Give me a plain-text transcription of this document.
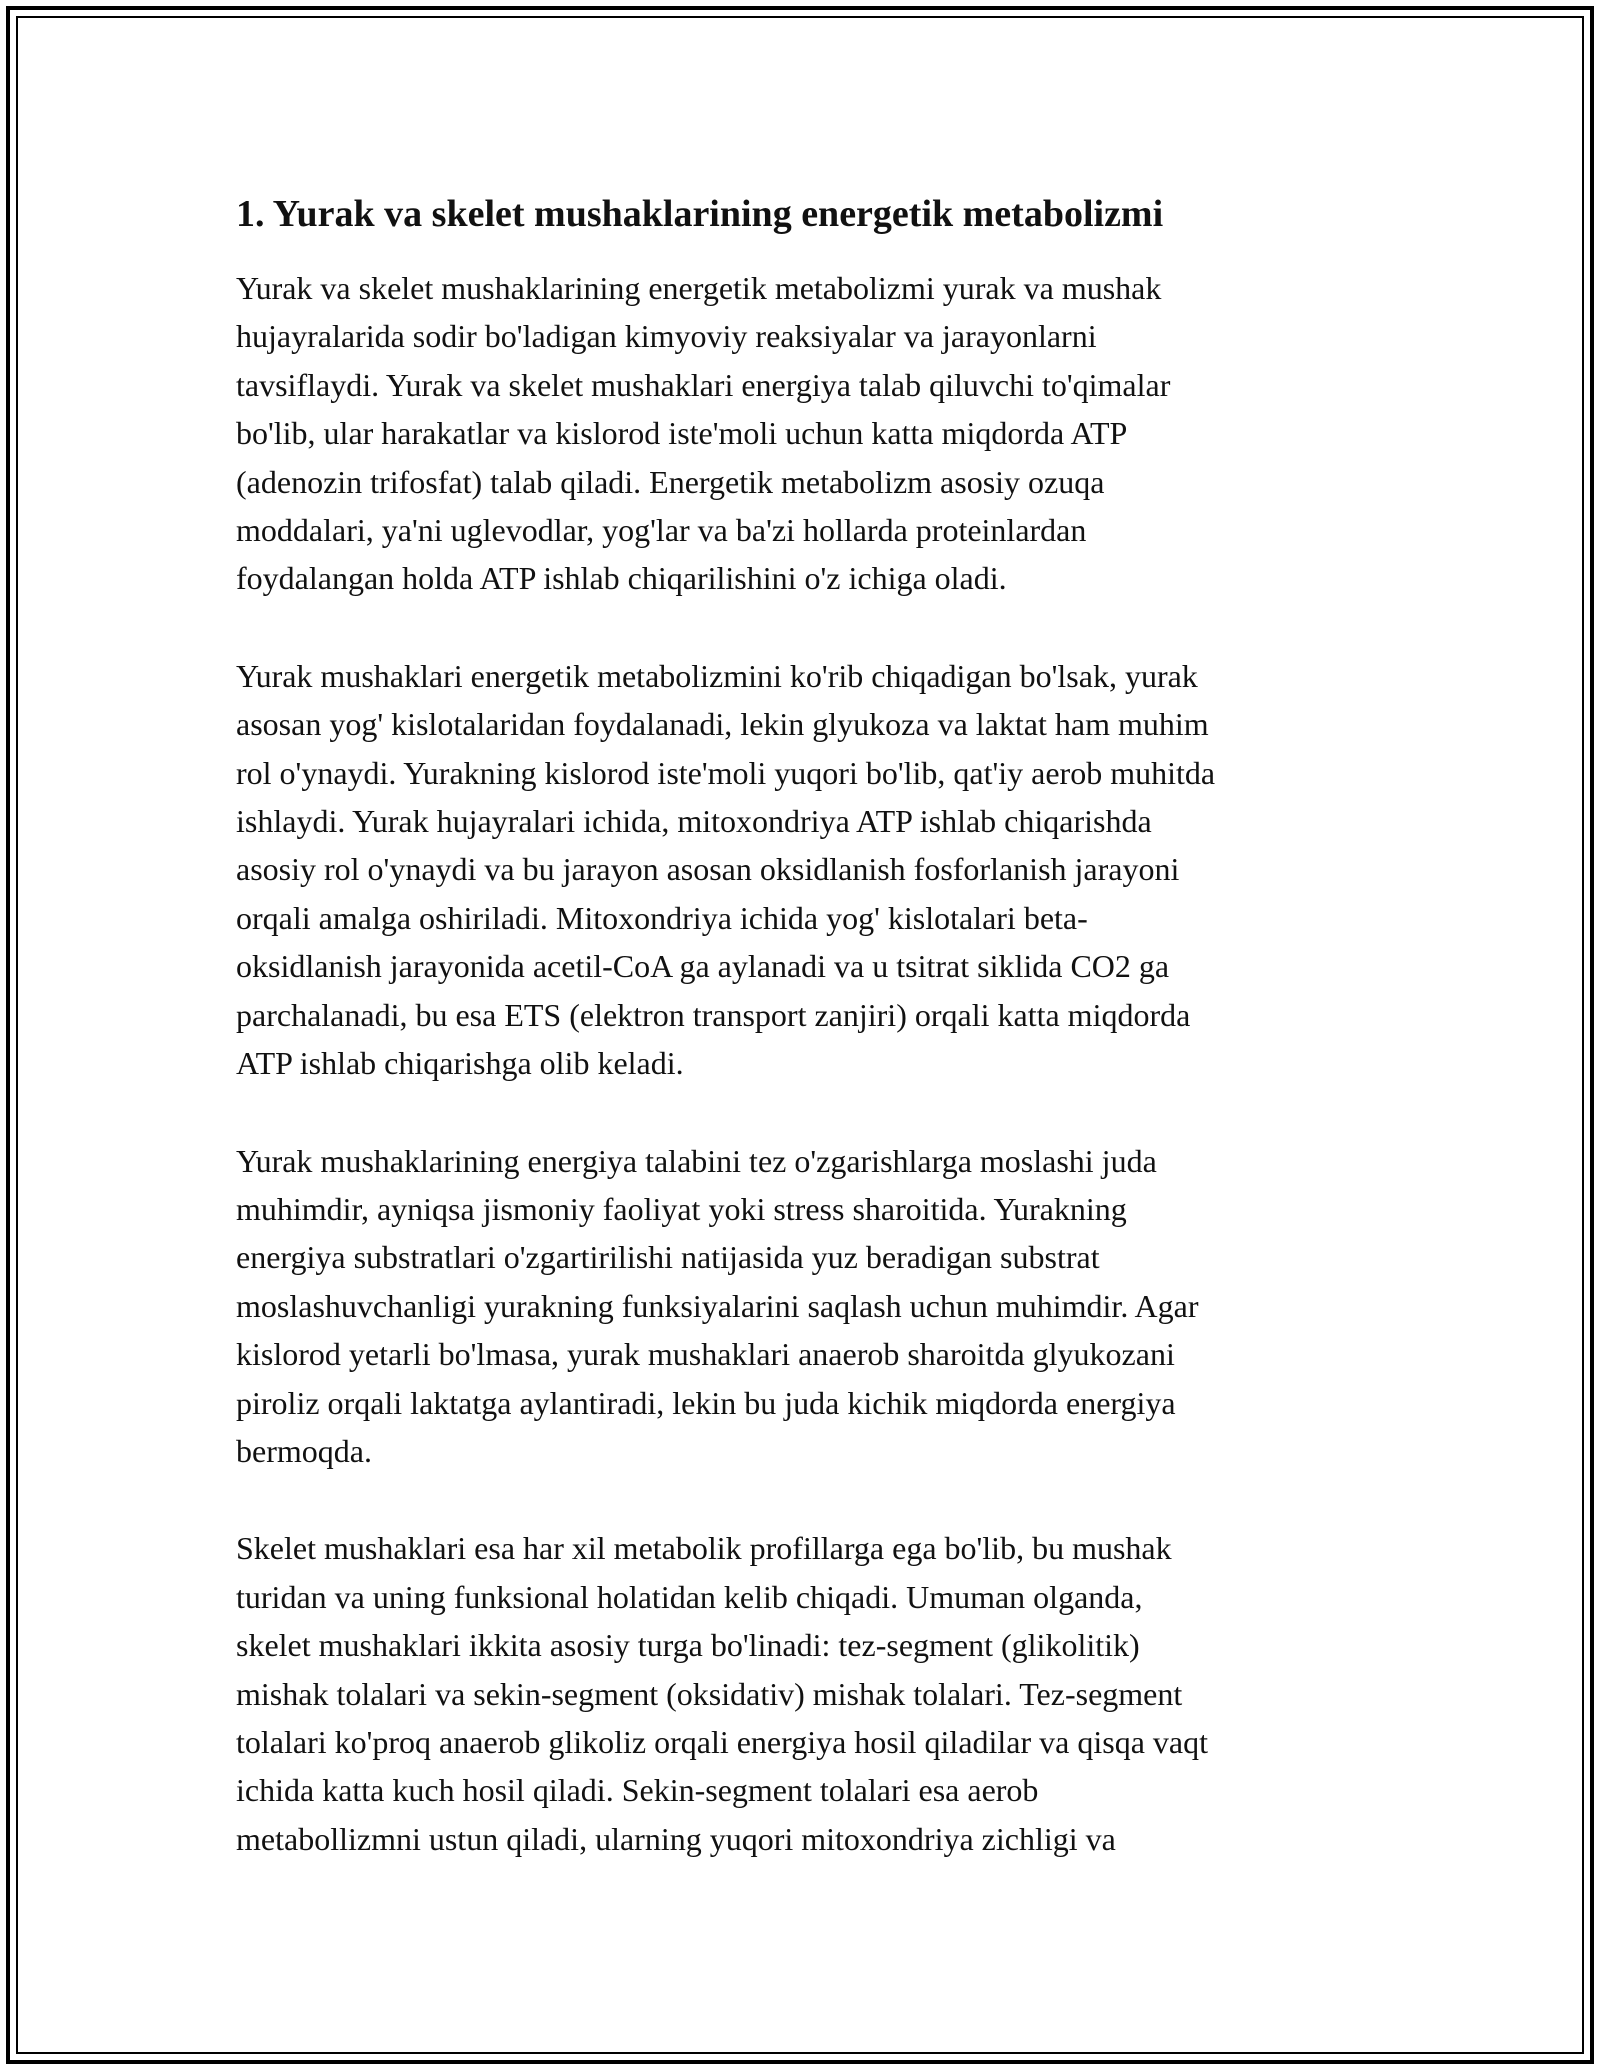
1. Yurak va skelet mushaklarining energetik metabolizmi

Yurak va skelet mushaklarining energetik metabolizmi yurak va mushak
hujayralarida sodir bo'ladigan kimyoviy reaksiyalar va jarayonlarni
tavsiflaydi. Yurak va skelet mushaklari energiya talab qiluvchi to'qimalar
bo'lib, ular harakatlar va kislorod iste'moli uchun katta miqdorda ATP
(adenozin trifosfat) talab qiladi. Energetik metabolizm asosiy ozuqa
moddalari, ya'ni uglevodlar, yog'lar va ba'zi hollarda proteinlardan
foydalangan holda ATP ishlab chiqarilishini o'z ichiga oladi.

Yurak mushaklari energetik metabolizmini ko'rib chiqadigan bo'lsak, yurak
asosan yog' kislotalaridan foydalanadi, lekin glyukoza va laktat ham muhim
rol o'ynaydi. Yurakning kislorod iste'moli yuqori bo'lib, qat'iy aerob muhitda
ishlaydi. Yurak hujayralari ichida, mitoxondriya ATP ishlab chiqarishda
asosiy rol o'ynaydi va bu jarayon asosan oksidlanish fosforlanish jarayoni
orqali amalga oshiriladi. Mitoxondriya ichida yog' kislotalari beta-
oksidlanish jarayonida acetil-CoA ga aylanadi va u tsitrat siklida CO2 ga
parchalanadi, bu esa ETS (elektron transport zanjiri) orqali katta miqdorda
ATP ishlab chiqarishga olib keladi.

Yurak mushaklarining energiya talabini tez o'zgarishlarga moslashi juda
muhimdir, ayniqsa jismoniy faoliyat yoki stress sharoitida. Yurakning
energiya substratlari o'zgartirilishi natijasida yuz beradigan substrat
moslashuvchanligi yurakning funksiyalarini saqlash uchun muhimdir. Agar
kislorod yetarli bo'lmasa, yurak mushaklari anaerob sharoitda glyukozani
piroliz orqali laktatga aylantiradi, lekin bu juda kichik miqdorda energiya
bermoqda.

Skelet mushaklari esa har xil metabolik profillarga ega bo'lib, bu mushak
turidan va uning funksional holatidan kelib chiqadi. Umuman olganda,
skelet mushaklari ikkita asosiy turga bo'linadi: tez-segment (glikolitik)
mishak tolalari va sekin-segment (oksidativ) mishak tolalari. Tez-segment
tolalari ko'proq anaerob glikoliz orqali energiya hosil qiladilar va qisqa vaqt
ichida katta kuch hosil qiladi. Sekin-segment tolalari esa aerob
metabollizmni ustun qiladi, ularning yuqori mitoxondriya zichligi va
